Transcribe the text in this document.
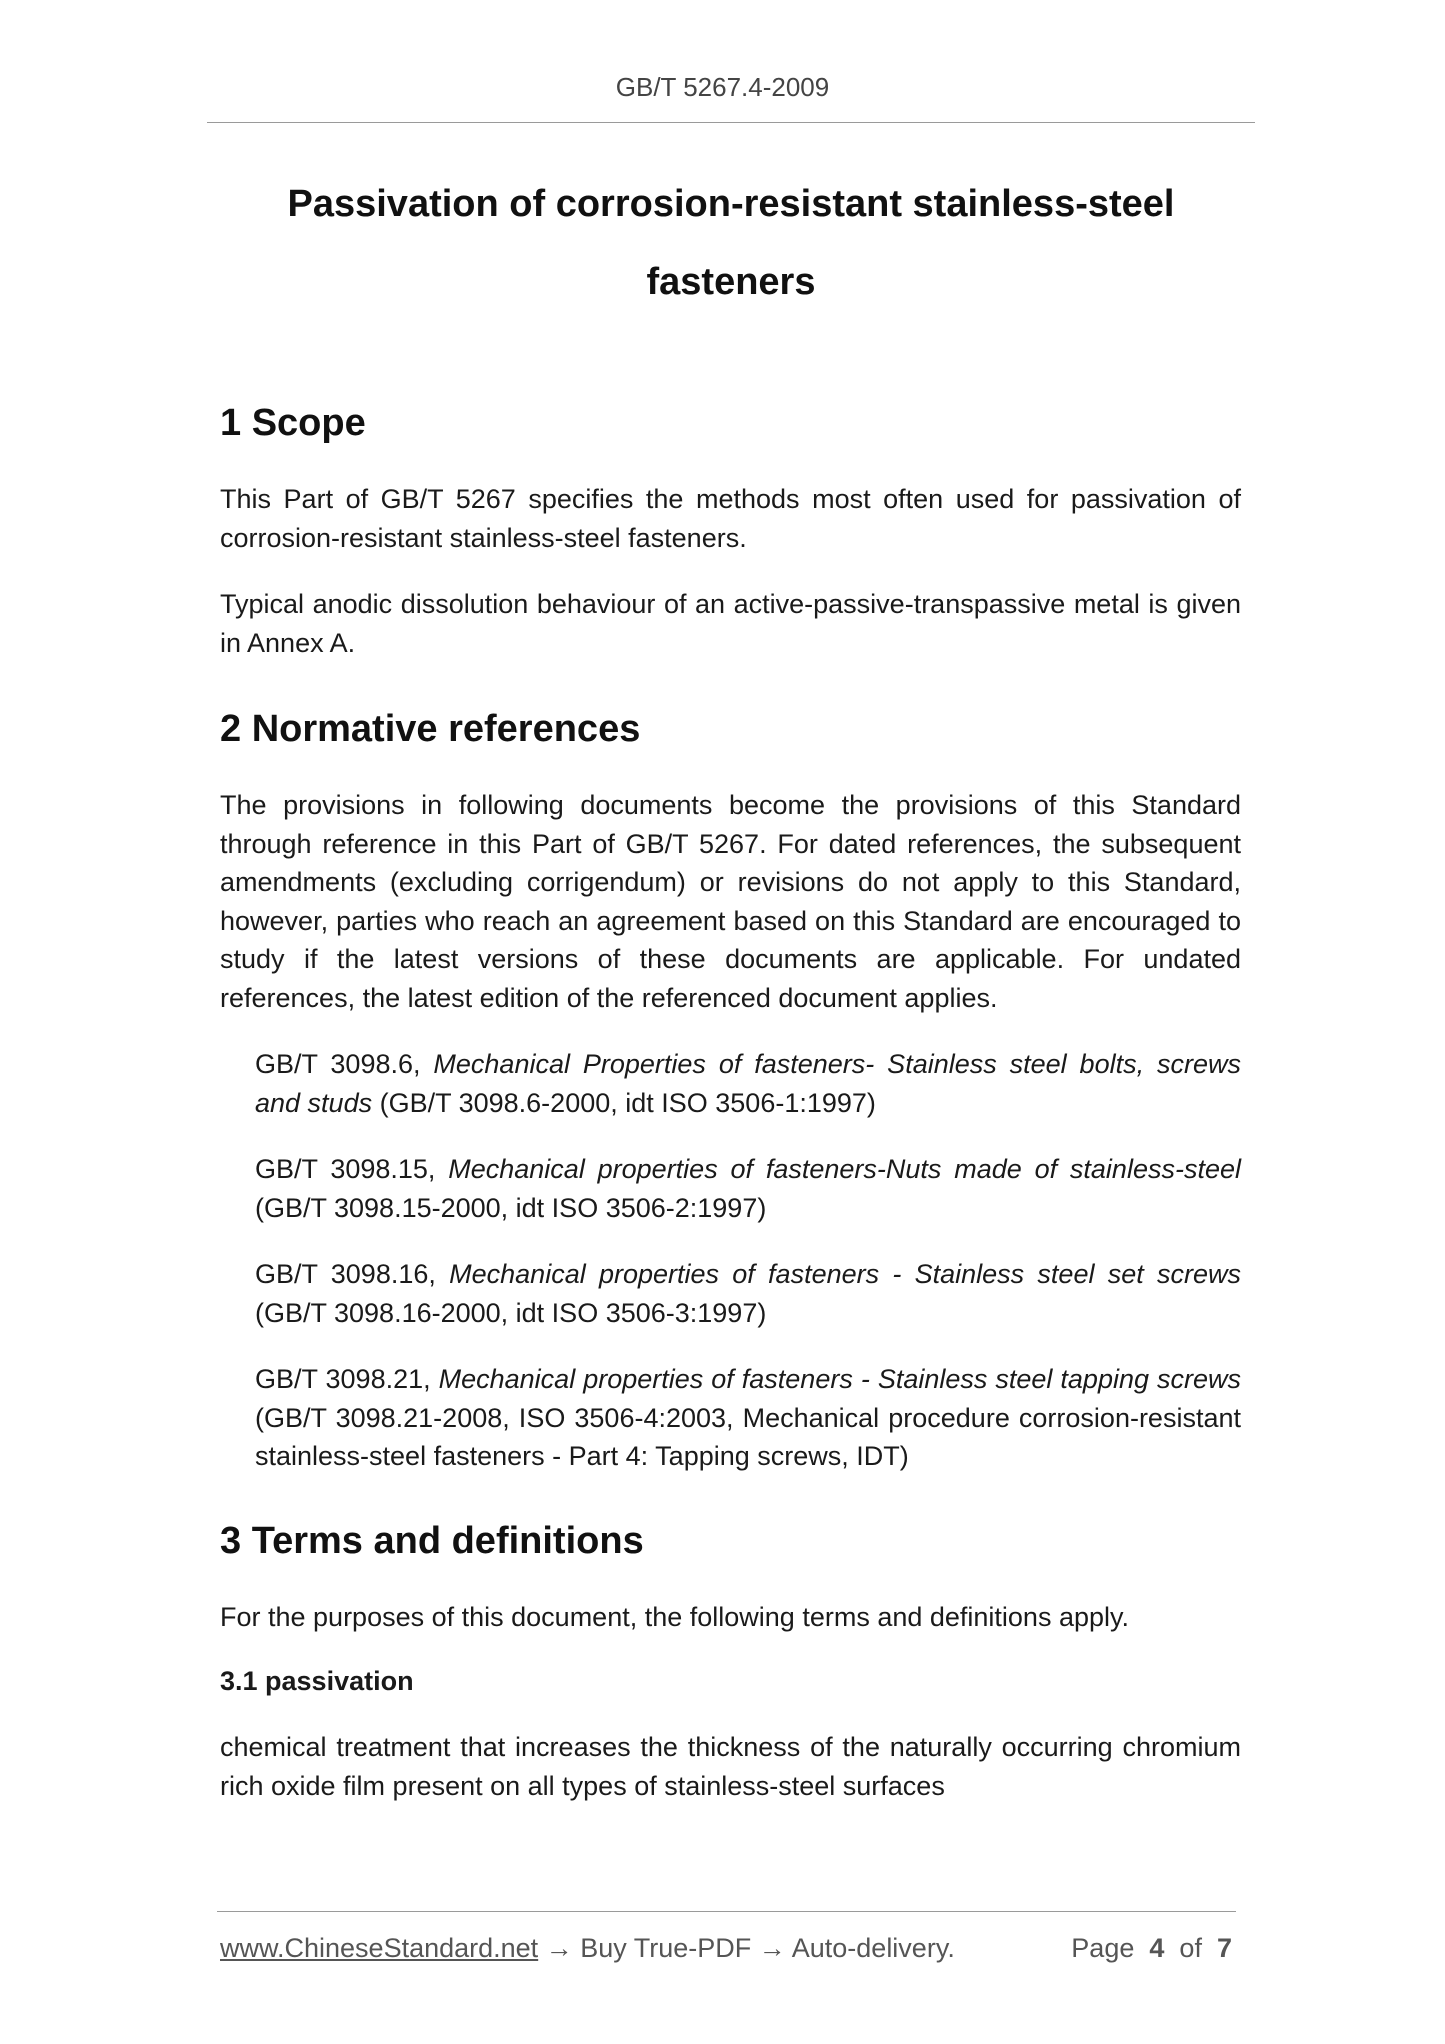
GB/T 5267.4-2009
Passivation of corrosion-resistant stainless-steel
fasteners
1 Scope

This Part of GB/T 5267 specifies the methods most often used for passivation of corrosion-resistant stainless-steel fasteners.

Typical anodic dissolution behaviour of an active-passive-transpassive metal is given in Annex A.

2 Normative references

The provisions in following documents become the provisions of this Standard through reference in this Part of GB/T 5267. For dated references, the subsequent amendments (excluding corrigendum) or revisions do not apply to this Standard, however, parties who reach an agreement based on this Standard are encouraged to study if the latest versions of these documents are applicable. For undated references, the latest edition of the referenced document applies.

GB/T 3098.6, Mechanical Properties of fasteners- Stainless steel bolts, screws and studs (GB/T 3098.6-2000, idt ISO 3506-1:1997)
GB/T 3098.15, Mechanical properties of fasteners-Nuts made of stainless-steel (GB/T 3098.15-2000, idt ISO 3506-2:1997)
GB/T 3098.16, Mechanical properties of fasteners - Stainless steel set screws (GB/T 3098.16-2000, idt ISO 3506-3:1997)
GB/T 3098.21, Mechanical properties of fasteners - Stainless steel tapping screws (GB/T 3098.21-2008, ISO 3506-4:2003, Mechanical procedure corrosion-resistant stainless-steel fasteners - Part 4: Tapping screws, IDT)
3 Terms and definitions

For the purposes of this document, the following terms and definitions apply.

3.1 passivation

chemical treatment that increases the thickness of the naturally occurring chromium rich oxide film present on all types of stainless-steel surfaces

www.ChineseStandard.net → Buy True-PDF → Auto-delivery.	Page 4 of 7
